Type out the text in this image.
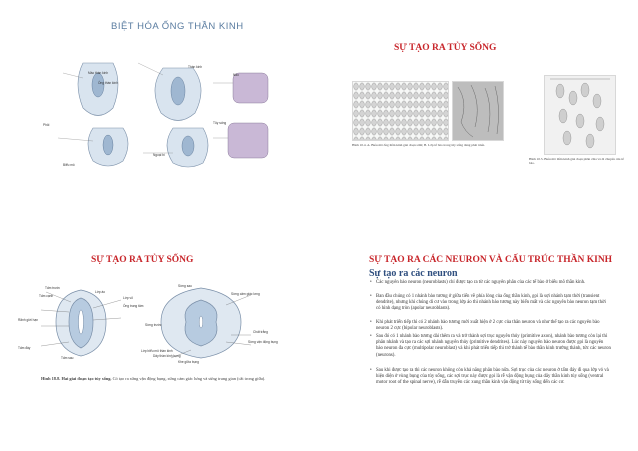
BIỆT HÓA ỐNG THẦN KINH
Mào thần kinh
Ống thần kinh
Thần kinh
Phôi
Ngoại bì
Tủy sống
Biểu mô
Não
SỰ TẠO RA TỦY SỐNG
Hình 10.4. A. Biểu mô ống thần kinh giai đoạn sớm; B. Lớp tế bào trong tủy sống đang phát triển.
Hình 10.5. Biểu mô thần kinh giai đoạn phân chia và di chuyển của tế bào.
SỰ TẠO RA TỦY SỐNG
Tấm trước
Tấm cạnh
Lớp áo
Lớp vỏ
Ống trung tâm
Rãnh giới hạn
Tấm đáy
Tấm sau
Sừng trước
Sừng sau
Chất trắng
Khe giữa bụng
Dây thần kinh bụng
Sừng cảm giác lưng
Sừng vận động bụng
Lớp biểu mô thần kinh
Hình 18.8. Hai giai đoạn tạo tủy sống. Có tạo ra sừng vận động bụng, sừng cảm giác lưng và sừng trung gian (cắt trong giữa).
SỰ TẠO RA CÁC NEURON VÀ CẤU TRÚC THẦN KINH
Sự tạo ra các neuron
• Các nguyên bào neuron (neuroblasts) chỉ được tạo ra từ các nguyên phân của các tế bào ở biểu mô thần kinh.
• Ban đầu chúng có 1 nhánh bào tương ở giữa tiến về phía lòng của ống thần kinh, gọi là sợi nhánh tạm thời (transient dendrite), nhưng khi chúng di cư vào trong lớp áo thì nhánh bào tương này biến mất và các nguyên bào neuron tạm thời có hình dạng tròn (apolar neuroblasts).
• Khi phát triển tiếp thì có 2 nhánh bào tương mới xuất hiện ở 2 cực của thân neuron và như thế tạo ra các nguyên bào neuron 2 cực (bipolar neuroblasts).
• Sau đó có 1 nhánh bào tương dài thêm ra và trở thành sợi trục nguyên thủy (primitive axon), nhánh bào tương còn lại thì phân nhánh và tạo ra các sợi nhánh nguyên thủy (primitive dendrites). Lúc này nguyên bào neuron được gọi là nguyên bào neuron đa cực (multipolar neuroblast) và khi phát triển tiếp thì trở thành tế bào thần kinh trưởng thành, tức các neuron (neurons).
• Sau khi được tạo ra thì các neuron không còn khả năng phân bào nữa. Sợi trục của các neuron ở tấm đáy đi qua lớp vỏ và hiện diện ở vùng bụng của tủy sống, các sợi trục này được gọi là rễ vận động bụng của dây thần kinh tủy sống (ventral motor root of the spinal nerve), rễ dẫn truyền các xung thần kinh vận động từ tủy sống đến các cơ.
